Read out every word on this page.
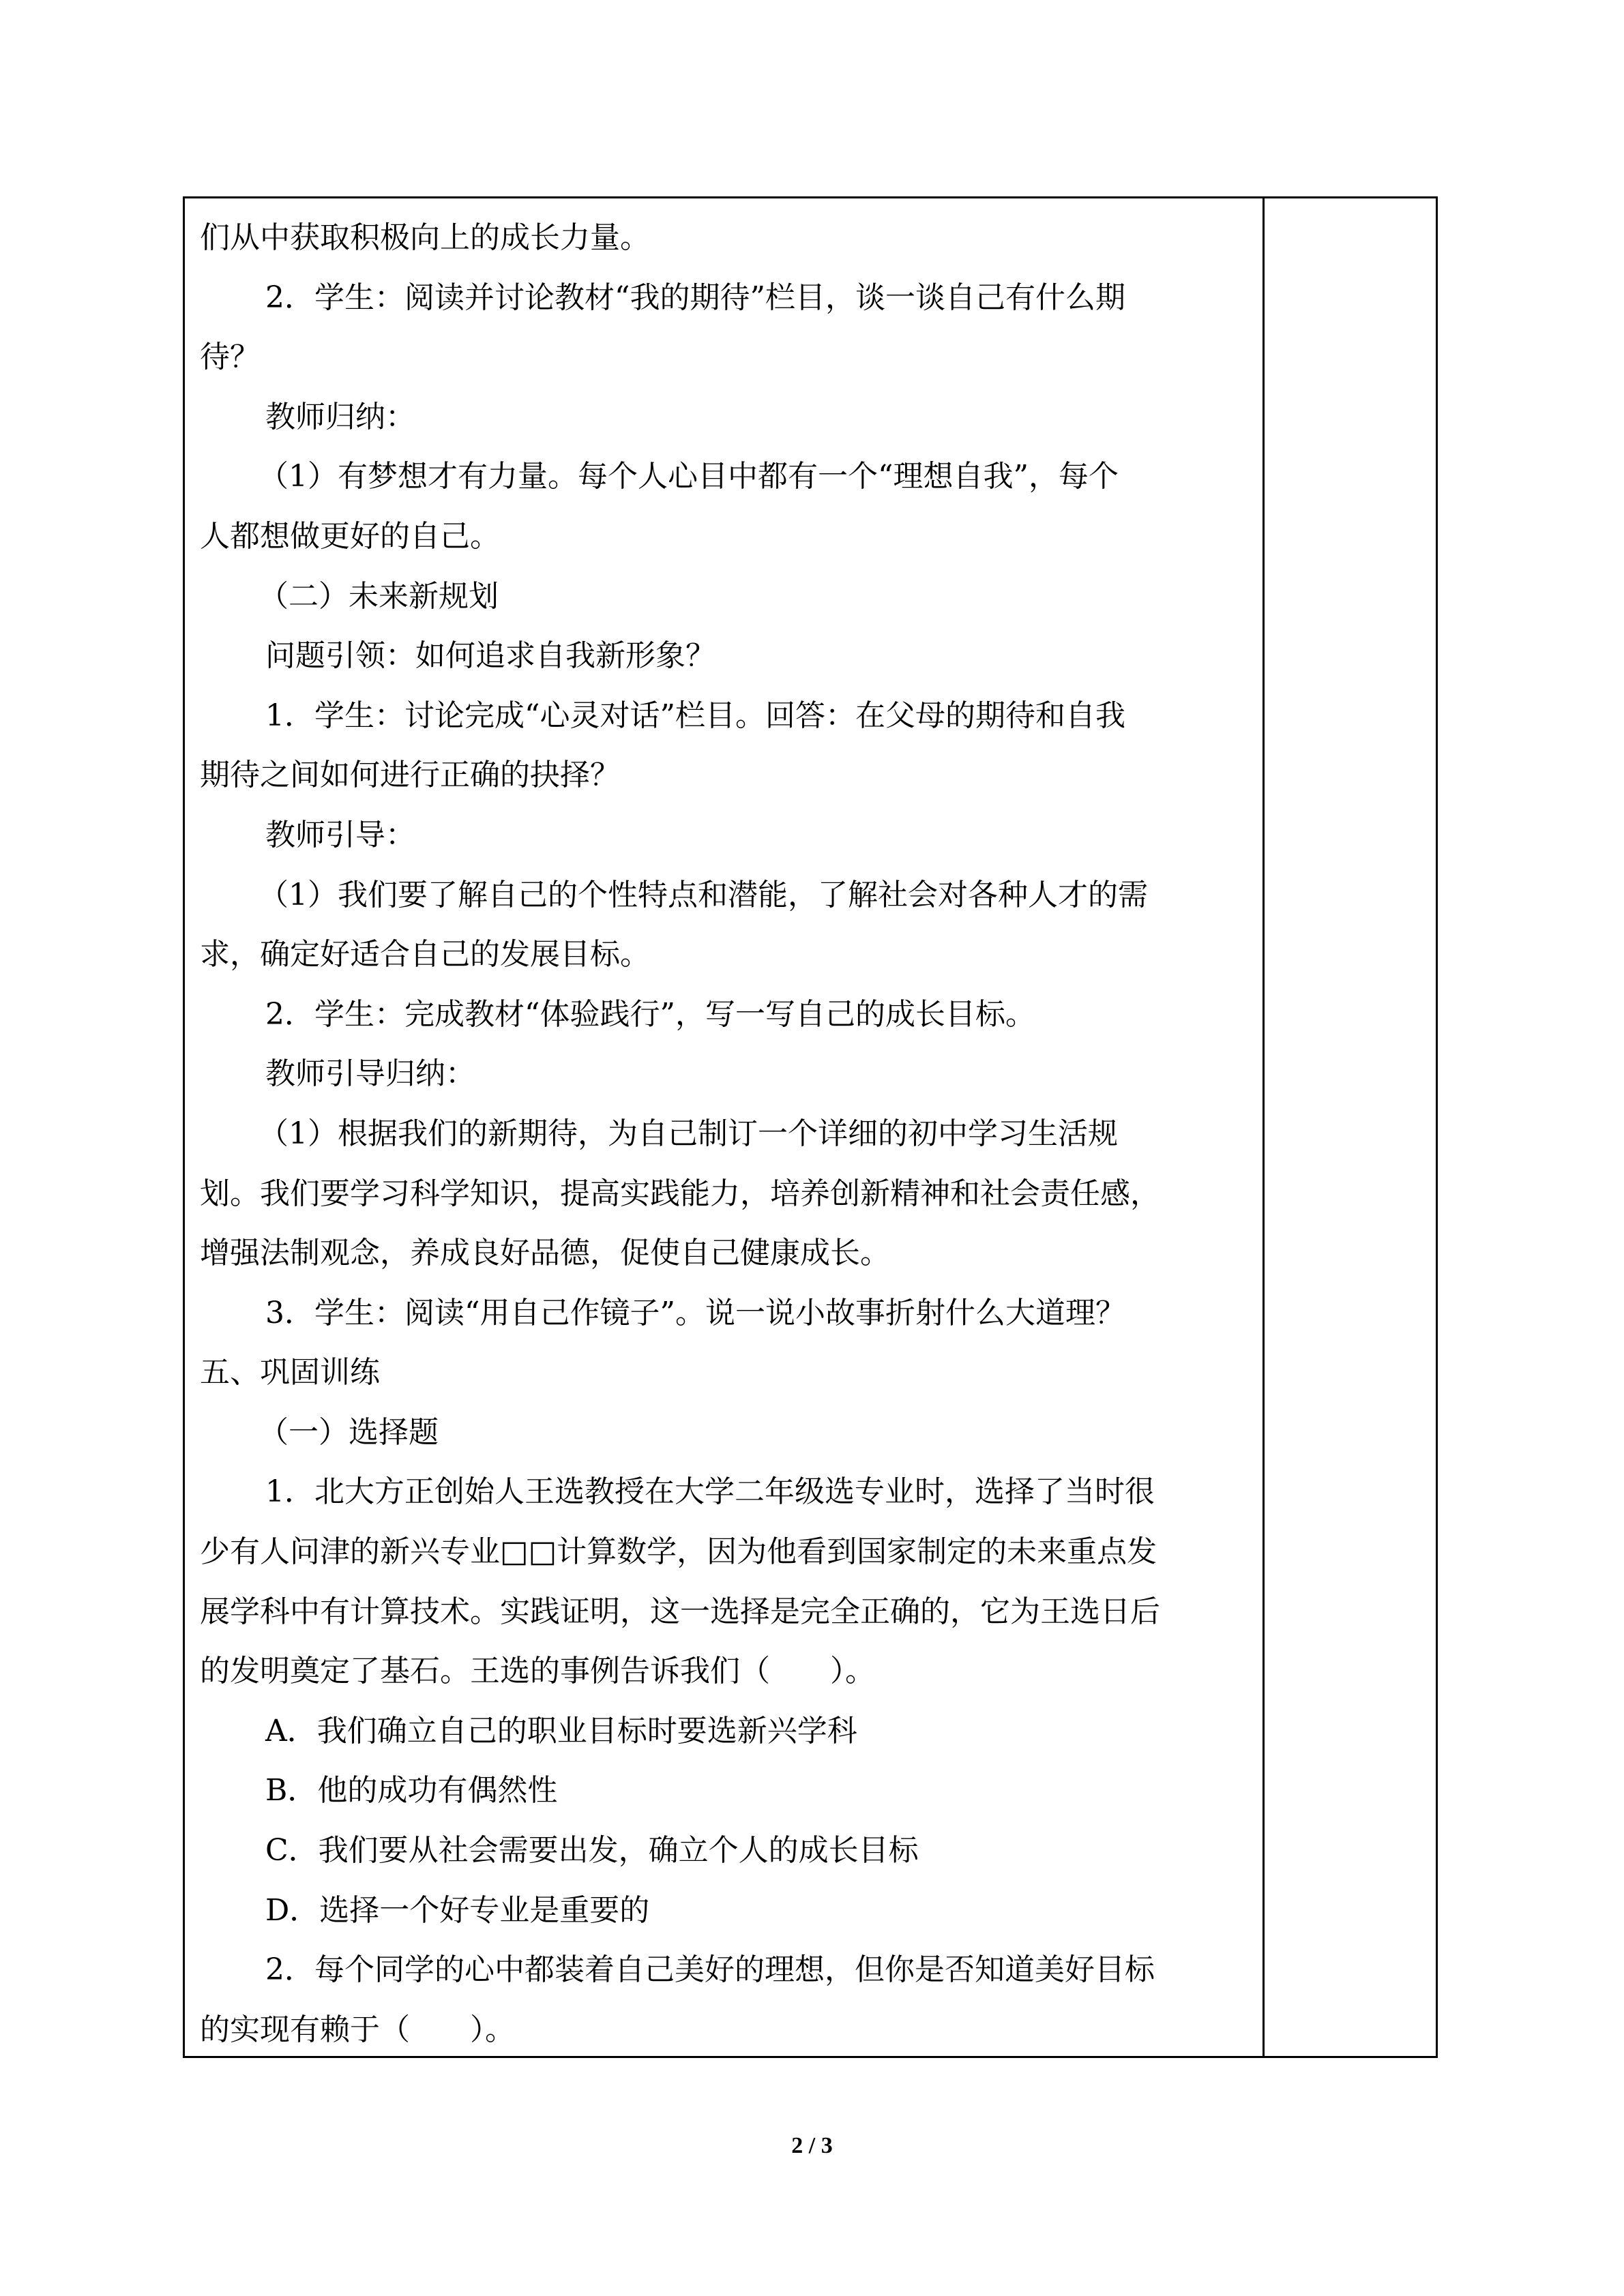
们从中获取积极向上的成长力量。
2．学生：阅读并讨论教材“我的期待”栏目，谈一谈自己有什么期
待？
教师归纳：
（1）有梦想才有力量。每个人心目中都有一个“理想自我”，每个
人都想做更好的自己。
（二）未来新规划
问题引领：如何追求自我新形象？
1．学生：讨论完成“心灵对话”栏目。回答：在父母的期待和自我
期待之间如何进行正确的抉择？
教师引导：
（1）我们要了解自己的个性特点和潜能，了解社会对各种人才的需
求，确定好适合自己的发展目标。
2．学生：完成教材“体验践行”，写一写自己的成长目标。
教师引导归纳：
（1）根据我们的新期待，为自己制订一个详细的初中学习生活规
划。我们要学习科学知识，提高实践能力，培养创新精神和社会责任感，
增强法制观念，养成良好品德，促使自己健康成长。
3．学生：阅读“用自己作镜子”。说一说小故事折射什么大道理？
五、巩固训练
（一）选择题
1．北大方正创始人王选教授在大学二年级选专业时，选择了当时很
少有人问津的新兴专业□□计算数学，因为他看到国家制定的未来重点发
展学科中有计算技术。实践证明，这一选择是完全正确的，它为王选日后
的发明奠定了基石。王选的事例告诉我们（　　）。
A．我们确立自己的职业目标时要选新兴学科
B．他的成功有偶然性
C．我们要从社会需要出发，确立个人的成长目标
D．选择一个好专业是重要的
2．每个同学的心中都装着自己美好的理想，但你是否知道美好目标
的实现有赖于（　　）。
2 / 3
